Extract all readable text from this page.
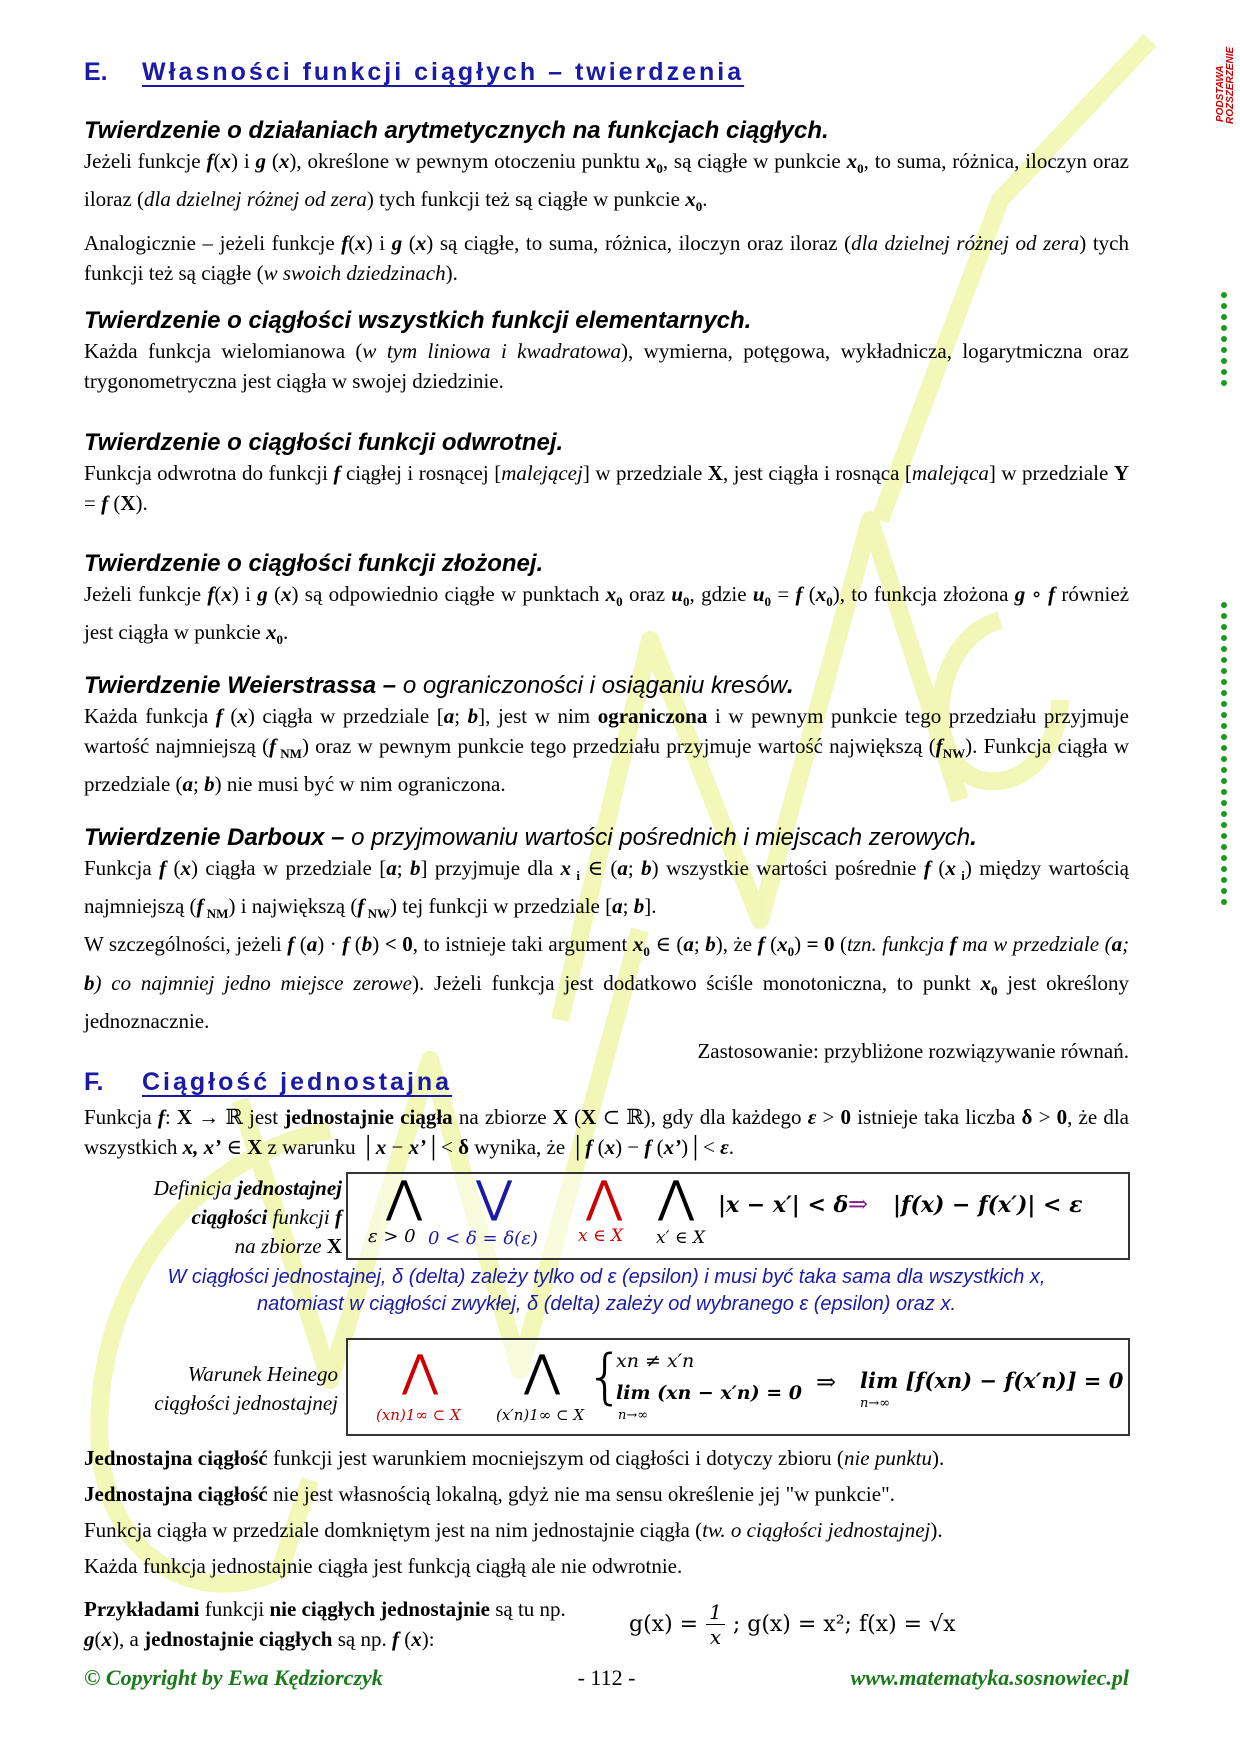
PODSTAWA ROZSZERZENIE
E. Własności funkcji ciągłych – twierdzenia
Twierdzenie o działaniach arytmetycznych na funkcjach ciągłych.

Jeżeli funkcje f(x) i g (x), określone w pewnym otoczeniu punktu $x_0$, są ciągłe w punkcie $x_0$, to suma, różnica, iloczyn oraz iloraz (dla dzielnej różnej od zera) tych funkcji też są ciągłe w punkcie $x_0$.

Analogicznie – jeżeli funkcje f(x) i g (x) są ciągłe, to suma, różnica, iloczyn oraz iloraz (dla dzielnej różnej od zera) tych funkcji też są ciągłe (w swoich dziedzinach).

Twierdzenie o ciągłości wszystkich funkcji elementarnych.

Każda funkcja wielomianowa (w tym liniowa i kwadratowa), wymierna, potęgowa, wykładnicza, logarytmiczna oraz trygonometryczna jest ciągła w swojej dziedzinie.

Twierdzenie o ciągłości funkcji odwrotnej.

Funkcja odwrotna do funkcji f ciągłej i rosnącej [malejącej] w przedziale X, jest ciągła i rosnąca [malejąca] w przedziale Y = f (X).

Twierdzenie o ciągłości funkcji złożonej.

Jeżeli funkcje f(x) i g (x) są odpowiednio ciągłe w punktach $x_0$ oraz $u_0$, gdzie $u_0 = f$ $(x_0)$, to funkcja złożona g ∘ f również jest ciągła w punkcie $x_0$.

Twierdzenie Weierstrassa – o ograniczoności i osiąganiu kresów.

Każda funkcja f (x) ciągła w przedziale [a; b], jest w nim ograniczona i w pewnym punkcie tego przedziału przyjmuje wartość najmniejszą (f $_{NM}$) oraz w pewnym punkcie tego przedziału przyjmuje wartość największą $(f_{NW})$. Funkcja ciągła w przedziale (a; b) nie musi być w nim ograniczona.

Twierdzenie Darboux – o przyjmowaniu wartości pośrednich i miejscach zerowych.

Funkcja f (x) ciągła w przedziale [a; b] przyjmuje dla x $_i$ ∈ (a; b) wszystkie wartości pośrednie f (x $_i$) między wartością najmniejszą (f $_{NM}$) i największą (f $_{NW}$) tej funkcji w przedziale [a; b].

W szczególności, jeżeli f (a) · f (b) < 0, to istnieje taki argument $x_0$ ∈ (a; b), że f $(x_0) = 0$ (tzn. funkcja f ma w przedziale (a; b) co najmniej jedno miejsce zerowe). Jeżeli funkcja jest dodatkowo ściśle monotoniczna, to punkt $x_0$ jest określony jednoznacznie.

Zastosowanie: przybliżone rozwiązywanie równań.

F. Ciągłość jednostajna

Funkcja f: X → ℝ jest jednostajnie ciągła na zbiorze X (X ⊂ ℝ), gdy dla każdego ε > 0 istnieje taka liczba δ > 0, że dla wszystkich x, x’ ∈ X z warunku │x − x’│< δ wynika, że │f (x) − f (x’)│< ε.

Definicja jednostajnej
ciągłości funkcji f
na zbiorze X
⋀
ε > 0
⋁
0 < δ = δ(ε)
⋀
x ∈ X
⋀
x′ ∈ X
|x − x′| < δ ⇒ |f(x) − f(x′)| < ε
W ciągłości jednostajnej, δ (delta) zależy tylko od ε (epsilon) i musi być taka sama dla wszystkich x,
natomiast w ciągłości zwykłej, δ (delta) zależy od wybranego ε (epsilon) oraz x.
Warunek Heinego
ciągłości jednostajnej
⋀
(xn)1∞ ⊂ X
⋀
(x′n)1∞ ⊂ X
{
xn ≠ x′n
lim (xn − x′n) = 0
n→∞
⇒ lim [f(xn) − f(x′n)] = 0
n→∞

Jednostajna ciągłość funkcji jest warunkiem mocniejszym od ciągłości i dotyczy zbioru (nie punktu).

Jednostajna ciągłość nie jest własnością lokalną, gdyż nie ma sensu określenie jej "w punkcie".

Funkcja ciągła w przedziale domkniętym jest na nim jednostajnie ciągła (tw. o ciągłości jednostajnej).

Każda funkcja jednostajnie ciągła jest funkcją ciągłą ale nie odwrotnie.

Przykładami funkcji nie ciągłych jednostajnie są tu np. g(x), a jednostajnie ciągłych są np. f (x):

$g(x) = \frac{1}{x}$ ; g(x) = x²; f(x) = √x
© Copyright by Ewa Kędziorczyk	- 112 -	www.matematyka.sosnowiec.pl
